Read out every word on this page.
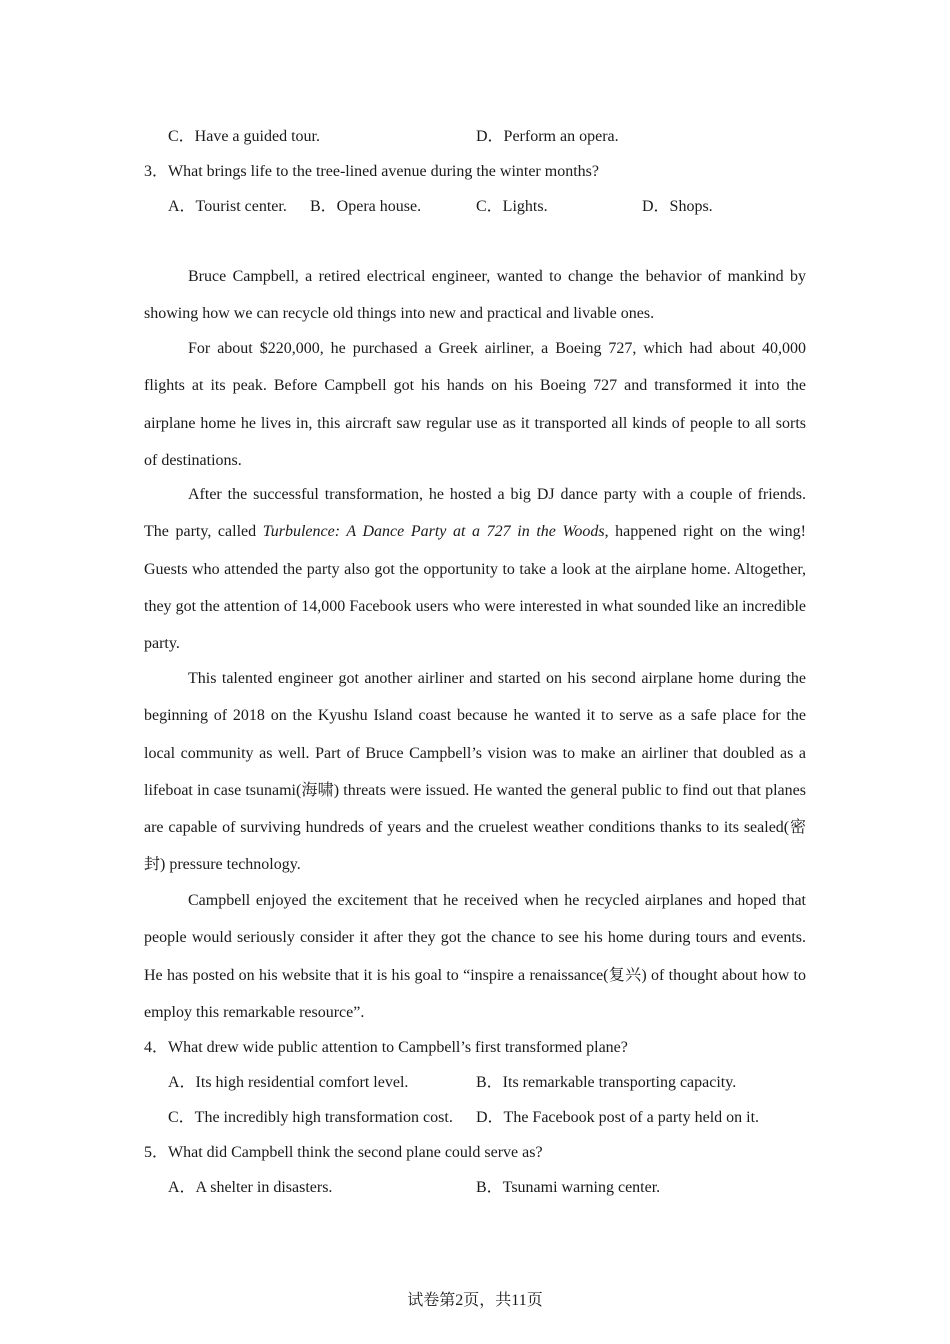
C．Have a guided tour.	D．Perform an opera.
3．What brings life to the tree-lined avenue during the winter months?
A．Tourist center. B．Opera house.	C．Lights.	D．Shops.
Bruce Campbell, a retired electrical engineer, wanted to change the behavior of mankind by showing how we can recycle old things into new and practical and livable ones.
For about $220,000, he purchased a Greek airliner, a Boeing 727, which had about 40,000 flights at its peak. Before Campbell got his hands on his Boeing 727 and transformed it into the airplane home he lives in, this aircraft saw regular use as it transported all kinds of people to all sorts of destinations.
After the successful transformation, he hosted a big DJ dance party with a couple of friends. The party, called Turbulence: A Dance Party at a 727 in the Woods, happened right on the wing! Guests who attended the party also got the opportunity to take a look at the airplane home. Altogether, they got the attention of 14,000 Facebook users who were interested in what sounded like an incredible party.
This talented engineer got another airliner and started on his second airplane home during the beginning of 2018 on the Kyushu Island coast because he wanted it to serve as a safe place for the local community as well. Part of Bruce Campbell’s vision was to make an airliner that doubled as a lifeboat in case tsunami(海啸) threats were issued. He wanted the general public to find out that planes are capable of surviving hundreds of years and the cruelest weather conditions thanks to its sealed(密封) pressure technology.
Campbell enjoyed the excitement that he received when he recycled airplanes and hoped that people would seriously consider it after they got the chance to see his home during tours and events. He has posted on his website that it is his goal to “inspire a renaissance(复兴) of thought about how to employ this remarkable resource”.
4．What drew wide public attention to Campbell’s first transformed plane?
A．Its high residential comfort level.	B．Its remarkable transporting capacity.
C．The incredibly high transformation cost. D．The Facebook post of a party held on it.
5．What did Campbell think the second plane could serve as?
A．A shelter in disasters.	B．Tsunami warning center.
试卷第2页，共11页
